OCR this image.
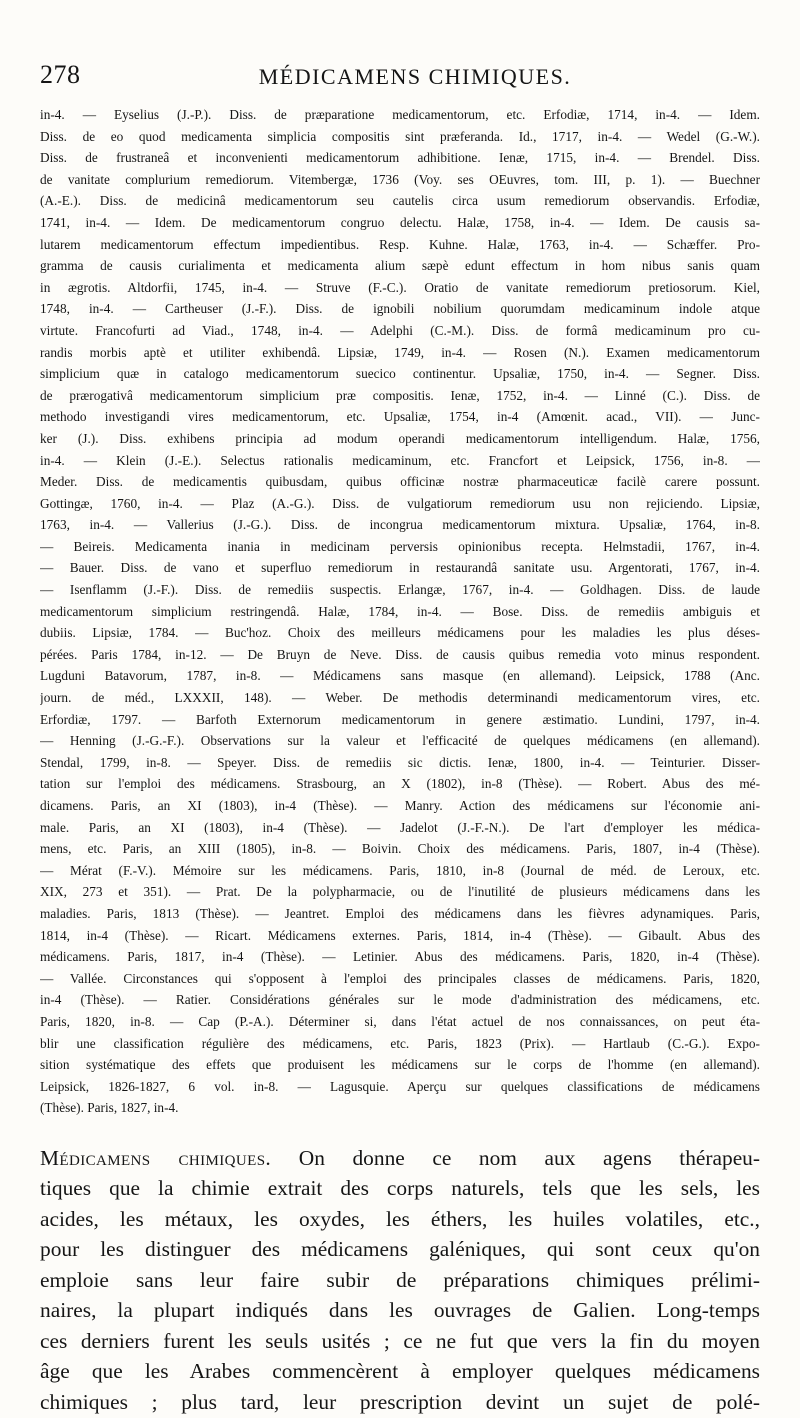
278	MÉDICAMENS CHIMIQUES.
in-4. — Eyselius (J.-P.). Diss. de præparatione medicamentorum, etc. Erfodiæ, 1714, in-4. — Idem.
Diss. de eo quod medicamenta simplicia compositis sint præferanda. Id., 1717, in-4. — Wedel (G.-W.).
Diss. de frustraneâ et inconvenienti medicamentorum adhibitione. Ienæ, 1715, in-4. — Brendel. Diss.
de vanitate complurium remediorum. Vitembergæ, 1736 (Voy. ses OEuvres, tom. III, p. 1). — Buechner
(A.-E.). Diss. de medicinâ medicamentorum seu cautelis circa usum remediorum observandis. Erfodiæ,
1741, in-4. — Idem. De medicamentorum congruo delectu. Halæ, 1758, in-4. — Idem. De causis sa-
lutarem medicamentorum effectum impedientibus. Resp. Kuhne. Halæ, 1763, in-4. — Schæffer. Pro-
gramma de causis curialimenta et medicamenta alium sæpè edunt effectum in hom nibus sanis quam
in ægrotis. Altdorfii, 1745, in-4. — Struve (F.-C.). Oratio de vanitate remediorum pretiosorum. Kiel,
1748, in-4. — Cartheuser (J.-F.). Diss. de ignobili nobilium quorumdam medicaminum indole atque
virtute. Francofurti ad Viad., 1748, in-4. — Adelphi (C.-M.). Diss. de formâ medicaminum pro cu-
randis morbis aptè et utiliter exhibendâ. Lipsiæ, 1749, in-4. — Rosen (N.). Examen medicamentorum
simplicium quæ in catalogo medicamentorum suecico continentur. Upsaliæ, 1750, in-4. — Segner. Diss.
de prærogativâ medicamentorum simplicium præ compositis. Ienæ, 1752, in-4. — Linné (C.). Diss. de
methodo investigandi vires medicamentorum, etc. Upsaliæ, 1754, in-4 (Amœnit. acad., VII). — Junc-
ker (J.). Diss. exhibens principia ad modum operandi medicamentorum intelligendum. Halæ, 1756,
in-4. — Klein (J.-E.). Selectus rationalis medicaminum, etc. Francfort et Leipsick, 1756, in-8. —
Meder. Diss. de medicamentis quibusdam, quibus officinæ nostræ pharmaceuticæ facilè carere possunt.
Gottingæ, 1760, in-4. — Plaz (A.-G.). Diss. de vulgatiorum remediorum usu non rejiciendo. Lipsiæ,
1763, in-4. — Vallerius (J.-G.). Diss. de incongrua medicamentorum mixtura. Upsaliæ, 1764, in-8.
— Beireis. Medicamenta inania in medicinam perversis opinionibus recepta. Helmstadii, 1767, in-4.
— Bauer. Diss. de vano et superfluo remediorum in restaurandâ sanitate usu. Argentorati, 1767, in-4.
— Isenflamm (J.-F.). Diss. de remediis suspectis. Erlangæ, 1767, in-4. — Goldhagen. Diss. de laude
medicamentorum simplicium restringendâ. Halæ, 1784, in-4. — Bose. Diss. de remediis ambiguis et
dubiis. Lipsiæ, 1784. — Buc'hoz. Choix des meilleurs médicamens pour les maladies les plus déses-
pérées. Paris 1784, in-12. — De Bruyn de Neve. Diss. de causis quibus remedia voto minus respondent.
Lugduni Batavorum, 1787, in-8. — Médicamens sans masque (en allemand). Leipsick, 1788 (Anc.
journ. de méd., LXXXII, 148). — Weber. De methodis determinandi medicamentorum vires, etc.
Erfordiæ, 1797. — Barfoth Externorum medicamentorum in genere æstimatio. Lundini, 1797, in-4.
— Henning (J.-G.-F.). Observations sur la valeur et l'efficacité de quelques médicamens (en allemand).
Stendal, 1799, in-8. — Speyer. Diss. de remediis sic dictis. Ienæ, 1800, in-4. — Teinturier. Disser-
tation sur l'emploi des médicamens. Strasbourg, an X (1802), in-8 (Thèse). — Robert. Abus des mé-
dicamens. Paris, an XI (1803), in-4 (Thèse). — Manry. Action des médicamens sur l'économie ani-
male. Paris, an XI (1803), in-4 (Thèse). — Jadelot (J.-F.-N.). De l'art d'employer les médica-
mens, etc. Paris, an XIII (1805), in-8. — Boivin. Choix des médicamens. Paris, 1807, in-4 (Thèse).
— Mérat (F.-V.). Mémoire sur les médicamens. Paris, 1810, in-8 (Journal de méd. de Leroux, etc.
XIX, 273 et 351). — Prat. De la polypharmacie, ou de l'inutilité de plusieurs médicamens dans les
maladies. Paris, 1813 (Thèse). — Jeantret. Emploi des médicamens dans les fièvres adynamiques. Paris,
1814, in-4 (Thèse). — Ricart. Médicamens externes. Paris, 1814, in-4 (Thèse). — Gibault. Abus des
médicamens. Paris, 1817, in-4 (Thèse). — Letinier. Abus des médicamens. Paris, 1820, in-4 (Thèse).
— Vallée. Circonstances qui s'opposent à l'emploi des principales classes de médicamens. Paris, 1820,
in-4 (Thèse). — Ratier. Considérations générales sur le mode d'administration des médicamens, etc.
Paris, 1820, in-8. — Cap (P.-A.). Déterminer si, dans l'état actuel de nos connaissances, on peut éta-
blir une classification régulière des médicamens, etc. Paris, 1823 (Prix). — Hartlaub (C.-G.). Expo-
sition systématique des effets que produisent les médicamens sur le corps de l'homme (en allemand).
Leipsick, 1826-1827, 6 vol. in-8. — Lagusquie. Aperçu sur quelques classifications de médicamens
(Thèse). Paris, 1827, in-4.
Médicamens chimiques. On donne ce nom aux agens thérapeu-
tiques que la chimie extrait des corps naturels, tels que les sels, les
acides, les métaux, les oxydes, les éthers, les huiles volatiles, etc.,
pour les distinguer des médicamens galéniques, qui sont ceux qu'on
emploie sans leur faire subir de préparations chimiques prélimi-
naires, la plupart indiqués dans les ouvrages de Galien. Long-temps
ces derniers furent les seuls usités ; ce ne fut que vers la fin du moyen
âge que les Arabes commencèrent à employer quelques médicamens
chimiques ; plus tard, leur prescription devint un sujet de polé-
